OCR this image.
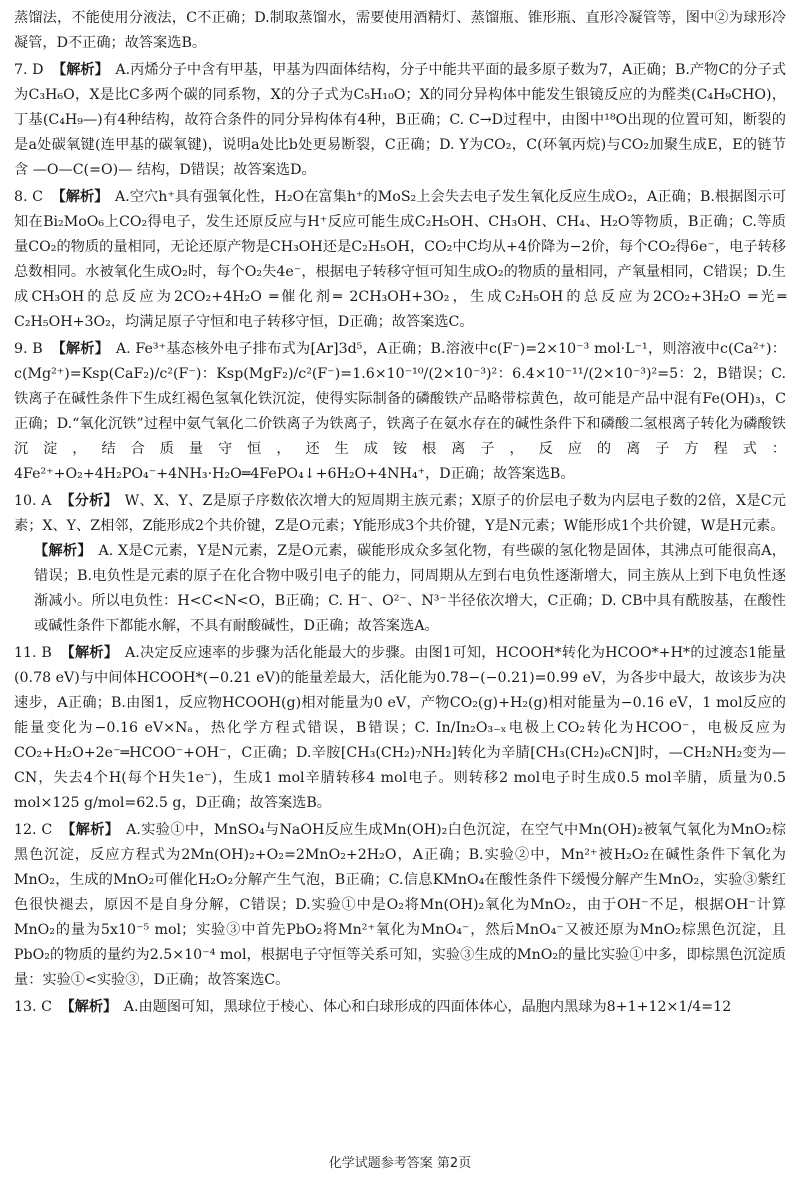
蒸馏法，不能使用分液法，C不正确；D.制取蒸馏水，需要使用酒精灯、蒸馏瓶、锥形瓶、直形冷凝管等，图中②为球形冷凝管，D不正确；故答案选B。

7. D 【解析】 A.丙烯分子中含有甲基，甲基为四面体结构，分子中能共平面的最多原子数为7，A正确；B.产物C的分子式为C₃H₆O，X是比C多两个碳的同系物，X的分子式为C₅H₁₀O；X的同分异构体中能发生银镜反应的为醛类(C₄H₉CHO)，丁基(C₄H₉—)有4种结构，故符合条件的同分异构体有4种，B正确；C. C→D过程中，由图中¹⁸O出现的位置可知，断裂的是a处碳氧键(连甲基的碳氧键)，说明a处比b处更易断裂，C正确；D. Y为CO₂，C(环氧丙烷)与CO₂加聚生成E，E的链节含 —O—C(=O)— 结构，D错误；故答案选D。

8. C 【解析】 A.空穴h⁺具有强氧化性，H₂O在富集h⁺的MoS₂上会失去电子发生氧化反应生成O₂，A正确；B.根据图示可知在Bi₂MoO₆上CO₂得电子，发生还原反应与H⁺反应可能生成C₂H₅OH、CH₃OH、CH₄、H₂O等物质，B正确；C.等质量CO₂的物质的量相同，无论还原产物是CH₃OH还是C₂H₅OH，CO₂中C均从+4价降为−2价，每个CO₂得6e⁻，电子转移总数相同。水被氧化生成O₂时，每个O₂失4e⁻，根据电子转移守恒可知生成O₂的物质的量相同，产氧量相同，C错误；D.生成CH₃OH的总反应为2CO₂+4H₂O ═催化剂═ 2CH₃OH+3O₂，生成C₂H₅OH的总反应为2CO₂+3H₂O ═光═ C₂H₅OH+3O₂，均满足原子守恒和电子转移守恒，D正确；故答案选C。

9. B 【解析】 A. Fe³⁺基态核外电子排布式为[Ar]3d⁵，A正确；B.溶液中c(F⁻)=2×10⁻³ mol·L⁻¹，则溶液中c(Ca²⁺)：c(Mg²⁺)=Ksp(CaF₂)/c²(F⁻)：Ksp(MgF₂)/c²(F⁻)=1.6×10⁻¹⁰/(2×10⁻³)²：6.4×10⁻¹¹/(2×10⁻³)²=5：2，B错误；C.铁离子在碱性条件下生成红褐色氢氧化铁沉淀，使得实际制备的磷酸铁产品略带棕黄色，故可能是产品中混有Fe(OH)₃，C正确；D.“氧化沉铁”过程中氨气氧化二价铁离子为铁离子，铁离子在氨水存在的碱性条件下和磷酸二氢根离子转化为磷酸铁沉淀，结合质量守恒，还生成铵根离子，反应的离子方程式：4Fe²⁺+O₂+4H₂PO₄⁻+4NH₃·H₂O═4FePO₄↓+6H₂O+4NH₄⁺，D正确；故答案选B。

10. A 【分析】 W、X、Y、Z是原子序数依次增大的短周期主族元素；X原子的价层电子数为内层电子数的2倍，X是C元素；X、Y、Z相邻，Z能形成2个共价键，Z是O元素；Y能形成3个共价键，Y是N元素；W能形成1个共价键，W是H元素。

【解析】 A. X是C元素，Y是N元素，Z是O元素，碳能形成众多氢化物，有些碳的氢化物是固体，其沸点可能很高A，错误；B.电负性是元素的原子在化合物中吸引电子的能力，同周期从左到右电负性逐渐增大，同主族从上到下电负性逐渐减小。所以电负性：H<C<N<O，B正确；C. H⁻、O²⁻、N³⁻半径依次增大，C正确；D. CB中具有酰胺基，在酸性或碱性条件下都能水解，不具有耐酸碱性，D正确；故答案选A。

11. B 【解析】 A.决定反应速率的步骤为活化能最大的步骤。由图1可知，HCOOH*转化为HCOO*+H*的过渡态1能量(0.78 eV)与中间体HCOOH*(−0.21 eV)的能量差最大，活化能为0.78−(−0.21)=0.99 eV，为各步中最大，故该步为决速步，A正确；B.由图1，反应物HCOOH(g)相对能量为0 eV，产物CO₂(g)+H₂(g)相对能量为−0.16 eV，1 mol反应的能量变化为−0.16 eV×Nₐ，热化学方程式错误，B错误；C. In/In₂O₃₋ₓ电极上CO₂转化为HCOO⁻，电极反应为CO₂+H₂O+2e⁻═HCOO⁻+OH⁻，C正确；D.辛胺[CH₃(CH₂)₇NH₂]转化为辛腈[CH₃(CH₂)₆CN]时，—CH₂NH₂变为—CN，失去4个H(每个H失1e⁻)，生成1 mol辛腈转移4 mol电子。则转移2 mol电子时生成0.5 mol辛腈，质量为0.5 mol×125 g/mol=62.5 g，D正确；故答案选B。

12. C 【解析】 A.实验①中，MnSO₄与NaOH反应生成Mn(OH)₂白色沉淀，在空气中Mn(OH)₂被氧气氧化为MnO₂棕黑色沉淀，反应方程式为2Mn(OH)₂+O₂=2MnO₂+2H₂O，A正确；B.实验②中，Mn²⁺被H₂O₂在碱性条件下氧化为MnO₂，生成的MnO₂可催化H₂O₂分解产生气泡，B正确；C.信息KMnO₄在酸性条件下缓慢分解产生MnO₂，实验③紫红色很快褪去，原因不是自身分解，C错误；D.实验①中是O₂将Mn(OH)₂氧化为MnO₂，由于OH⁻不足，根据OH⁻计算MnO₂的量为5x10⁻⁵ mol；实验③中首先PbO₂将Mn²⁺氧化为MnO₄⁻，然后MnO₄⁻又被还原为MnO₂棕黑色沉淀，且PbO₂的物质的量约为2.5×10⁻⁴ mol，根据电子守恒等关系可知，实验③生成的MnO₂的量比实验①中多，即棕黑色沉淀质量：实验①<实验③，D正确；故答案选C。

13. C 【解析】 A.由题图可知，黑球位于棱心、体心和白球形成的四面体体心，晶胞内黑球为8+1+12×1/4=12

化学试题参考答案 第2页
